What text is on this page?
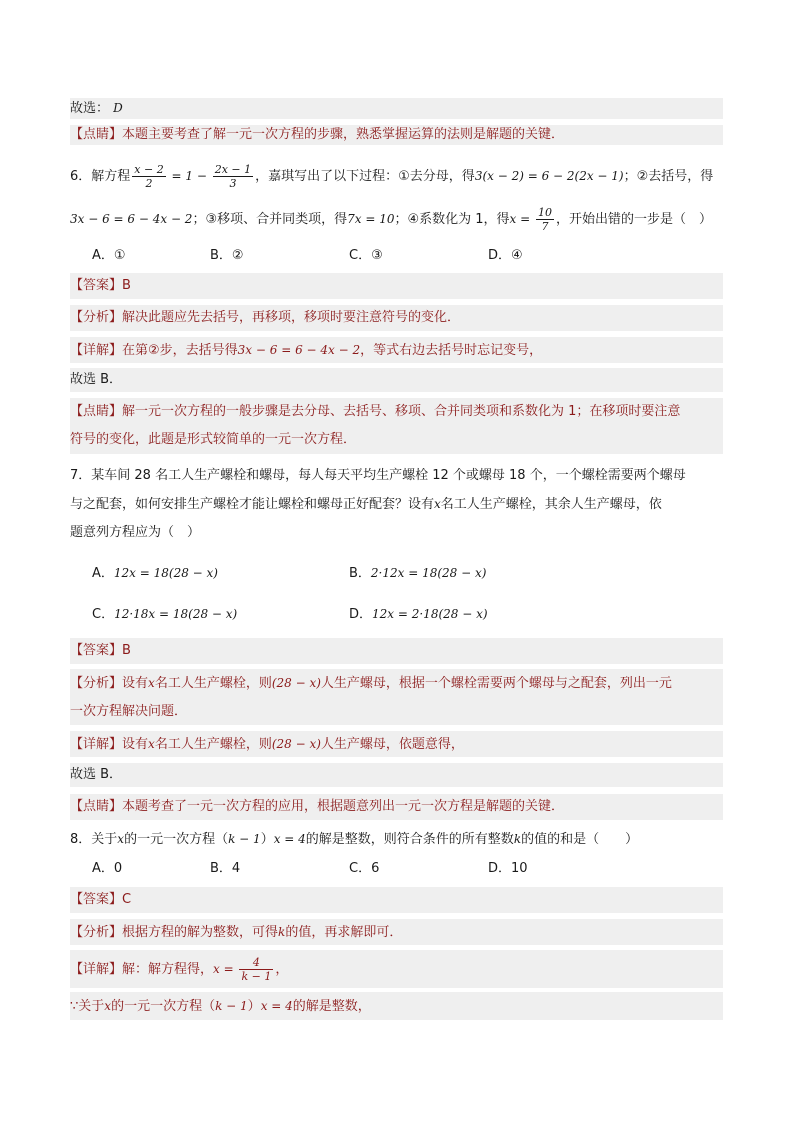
故选： D
【点睛】本题主要考查了解一元一次方程的步骤，熟悉掌握运算的法则是解题的关键．
6．解方程 $\frac{x - 2}{2} = 1 - \frac{2x - 1}{3}$ ，嘉琪写出了以下过程：①去分母，得3(x − 2) = 6 − 2(2x − 1)；②去括号，得
3x − 6 = 6 − 4x − 2；③移项、合并同类项，得7x = 10；④系数化为 1，得$x = \frac{10}{7}$ ，开始出错的一步是（　）
A．①	B．②	C．③	D．④
【答案】B
【分析】解决此题应先去括号，再移项，移项时要注意符号的变化．
【详解】在第②步，去括号得3x − 6 = 6 − 4x − 2，等式右边去括号时忘记变号，
故选 B．
【点睛】解一元一次方程的一般步骤是去分母、去括号、移项、合并同类项和系数化为 1；在移项时要注意
符号的变化，此题是形式较简单的一元一次方程．
7．某车间 28 名工人生产螺栓和螺母，每人每天平均生产螺栓 12 个或螺母 18 个，一个螺栓需要两个螺母
与之配套，如何安排生产螺栓才能让螺栓和螺母正好配套？设有x名工人生产螺栓，其余人生产螺母，依
题意列方程应为（　）
A．12x = 18(28 − x)	B．2·12x = 18(28 − x)
C．12·18x = 18(28 − x)	D．12x = 2·18(28 − x)
【答案】B
【分析】设有x名工人生产螺栓，则(28 − x)人生产螺母，根据一个螺栓需要两个螺母与之配套，列出一元
一次方程解决问题．
【详解】设有x名工人生产螺栓，则(28 − x)人生产螺母，依题意得，
故选 B．
【点睛】本题考查了一元一次方程的应用，根据题意列出一元一次方程是解题的关键．
8．关于x的一元一次方程（k − 1）x = 4的解是整数，则符合条件的所有整数k的值的和是（　　）
A．0	B．4	C．6	D．10
【答案】C
【分析】根据方程的解为整数，可得k的值，再求解即可．
【详解】解：解方程得，$x = \frac{4}{k - 1}$ ，
∵关于x的一元一次方程（k − 1）x = 4的解是整数，
